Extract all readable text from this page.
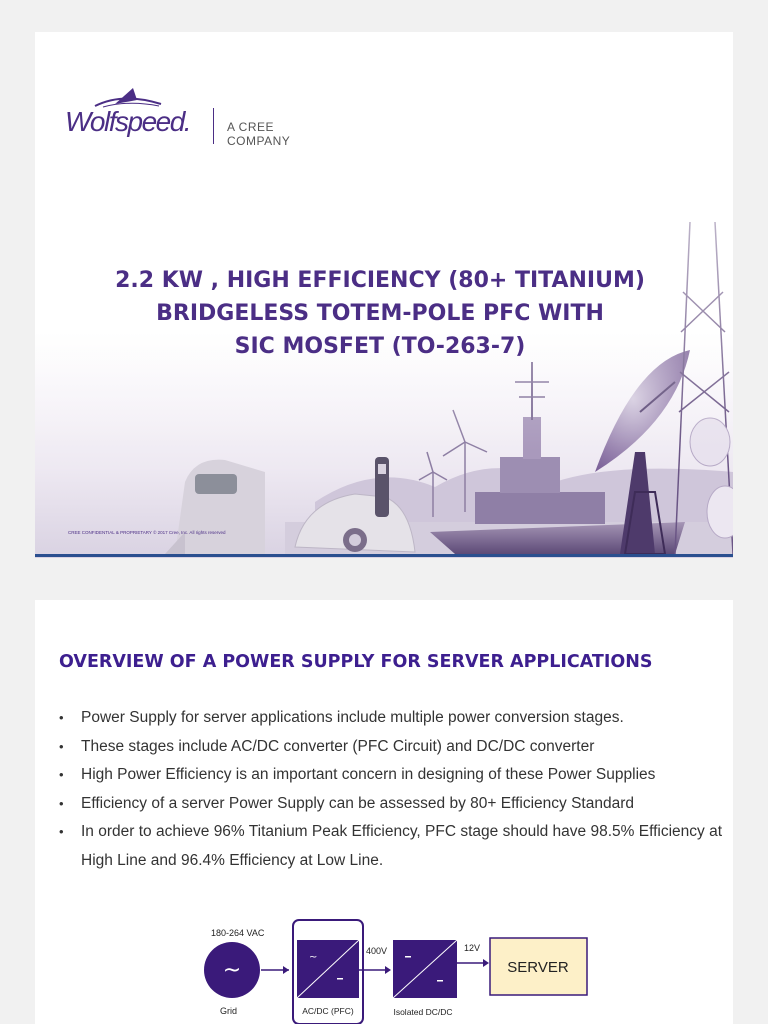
Wolfspeed.	A CREE COMPANY
2.2 KW , HIGH EFFICIENCY (80+ TITANIUM)
BRIDGELESS TOTEM-POLE PFC WITH
SIC MOSFET (TO-263-7)
CREE CONFIDENTIAL & PROPRIETARY © 2017 Cree, Inc. All rights reserved
OVERVIEW OF A POWER SUPPLY FOR SERVER APPLICATIONS
• Power Supply for server applications include multiple power conversion stages.
• These stages include AC/DC converter (PFC Circuit) and DC/DC converter
• High Power Efficiency is an important concern in designing of these Power Supplies
• Efficiency of a server Power Supply can be assessed by 80+ Efficiency Standard
• In order to achieve 96% Titanium Peak Efficiency, PFC stage should have 98.5% Efficiency at High Line and 96.4% Efficiency at Low Line.
180-264 VAC
~
Grid
~
AC/DC (PFC)
400V
Isolated DC/DC
12V
SERVER
